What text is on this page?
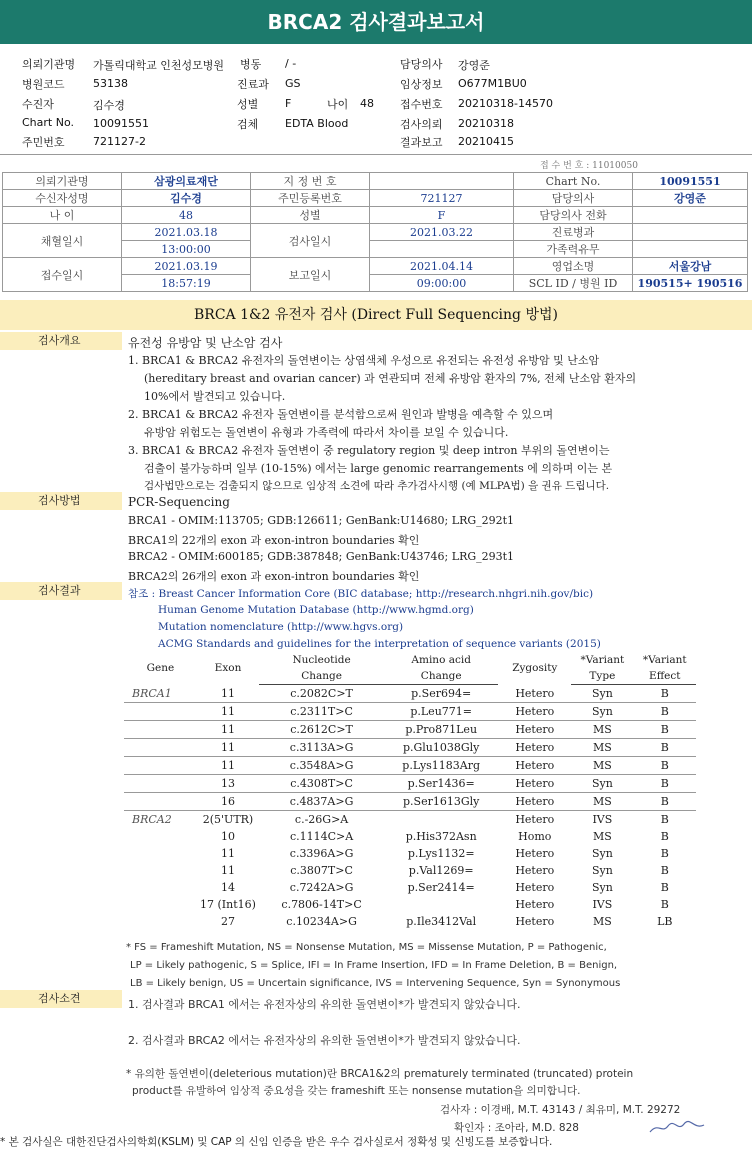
BRCA2 검사결과보고서
의뢰기관명 가톨릭대학교 인천성모병원 병동 / -	담당의사 강영준
병원코드	53138	진료과 GS	임상정보 O677M1BU0
수진자	김수경	성별 F	나이 48 접수번호 20210318-14570
Chart No. 10091551	검체 EDTA Blood	검사의뢰 20210318
주민번호	721127-2	결과보고 20210415
접 수 번 호 : 11010050
의뢰기관명	삼광의료재단	지 정 번 호		Chart No.	10091551
수신자성명	김수경	주민등록번호	721127	담당의사	강영준
나 이	48	성별	F	담당의사 전화	
채혈일시	2021.03.18	검사일시	2021.03.22	진료병과	
	13:00:00			가족력유무	
접수일시	2021.03.19	보고일시	2021.04.14	영업소명	서울강남
	18:57:19		09:00:00	SCL ID / 병원 ID	190515+ 190516
BRCA 1&2 유전자 검사 (Direct Full Sequencing 방법)
검사개요	유전성 유방암 및 난소암 검사
1. BRCA1 & BRCA2 유전자의 돌연변이는 상염색체 우성으로 유전되는 유전성 유방암 및 난소암
(hereditary breast and ovarian cancer) 과 연관되며 전체 유방암 환자의 7%, 전체 난소암 환자의
10%에서 발견되고 있습니다.
2. BRCA1 & BRCA2 유전자 돌연변이를 분석함으로써 원인과 발병을 예측할 수 있으며
유방암 위험도는 돌연변이 유형과 가족력에 따라서 차이를 보일 수 있습니다.
3. BRCA1 & BRCA2 유전자 돌연변이 중 regulatory region 및 deep intron 부위의 돌연변이는
검출이 불가능하며 일부 (10-15%) 에서는 large genomic rearrangements 에 의하며 이는 본
검사법만으로는 검출되지 않으므로 임상적 소견에 따라 추가검사시행 (예 MLPA법) 을 권유 드립니다.
검사방법	PCR-Sequencing
BRCA1 - OMIM:113705; GDB:126611; GenBank:U14680; LRG_292t1
BRCA1의 22개의 exon 과 exon-intron boundaries 확인
BRCA2 - OMIM:600185; GDB:387848; GenBank:U43746; LRG_293t1
BRCA2의 26개의 exon 과 exon-intron boundaries 확인
검사결과	참조 : Breast Cancer Information Core (BIC database; http://research.nhgri.nih.gov/bic)
Human Genome Mutation Database (http://www.hgmd.org)
Mutation nomenclature (http://www.hgvs.org)
ACMG Standards and guidelines for the interpretation of sequence variants (2015)
Gene	Exon	Nucleotide	Amino acid	Zygosity	*Variant	*Variant
		Change	Change		Type	Effect
BRCA1	11	c.2082C>T	p.Ser694=	Hetero	Syn	B
	11	c.2311T>C	p.Leu771=	Hetero	Syn	B
	11	c.2612C>T	p.Pro871Leu	Hetero	MS	B
	11	c.3113A>G	p.Glu1038Gly	Hetero	MS	B
	11	c.3548A>G	p.Lys1183Arg	Hetero	MS	B
	13	c.4308T>C	p.Ser1436=	Hetero	Syn	B
	16	c.4837A>G	p.Ser1613Gly	Hetero	MS	B
BRCA2	2(5'UTR)	c.-26G>A		Hetero	IVS	B
	10	c.1114C>A	p.His372Asn	Homo	MS	B
	11	c.3396A>G	p.Lys1132=	Hetero	Syn	B
	11	c.3807T>C	p.Val1269=	Hetero	Syn	B
	14	c.7242A>G	p.Ser2414=	Hetero	Syn	B
	17 (Int16)	c.7806-14T>C		Hetero	IVS	B
	27	c.10234A>G	p.Ile3412Val	Hetero	MS	LB
* FS = Frameshift Mutation, NS = Nonsense Mutation, MS = Missense Mutation, P = Pathogenic,
LP = Likely pathogenic, S = Splice, IFI = In Frame Insertion, IFD = In Frame Deletion, B = Benign,
LB = Likely benign, US = Uncertain significance, IVS = Intervening Sequence, Syn = Synonymous
검사소견	1. 검사결과 BRCA1 에서는 유전자상의 유의한 돌연변이*가 발견되지 않았습니다.
2. 검사결과 BRCA2 에서는 유전자상의 유의한 돌연변이*가 발견되지 않았습니다.
* 유의한 돌연변이(deleterious mutation)란 BRCA1&2의 prematurely terminated (truncated) protein
product를 유발하여 임상적 중요성을 갖는 frameshift 또는 nonsense mutation을 의미합니다.
검사자 : 이경배, M.T. 43143 / 최유미, M.T. 29272
확인자 : 조아라, M.D. 828
* 본 검사실은 대한진단검사의학회(KSLM) 및 CAP 의 신임 인증을 받은 우수 검사실로서 정확성 및 신빙도를 보증합니다.
